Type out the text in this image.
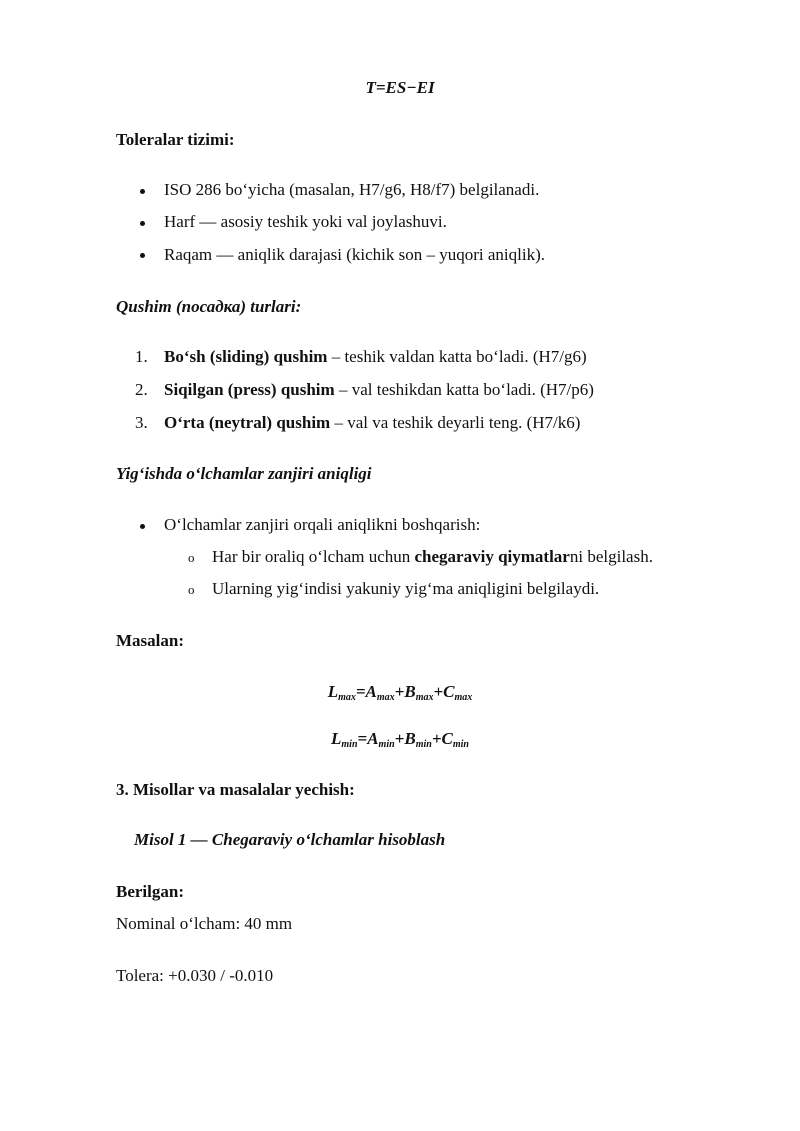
T=ES−EI
Toleralar tizimi:
ISO 286 bo‘yicha (masalan, H7/g6, H8/f7) belgilanadi.
Harf — asosiy teshik yoki val joylashuvi.
Raqam — aniqlik darajasi (kichik son – yuqori aniqlik).
Qushim (посадка) turlari:
1. Bo‘sh (sliding) qushim – teshik valdan katta bo‘ladi. (H7/g6)
2. Siqilgan (press) qushim – val teshikdan katta bo‘ladi. (H7/p6)
3. O‘rta (neytral) qushim – val va teshik deyarli teng. (H7/k6)
Yig‘ishda o‘lchamlar zanjiri aniqligi
O‘lchamlar zanjiri orqali aniqlikni boshqarish:
o Har bir oraliq o‘lcham uchun chegaraviy qiymatlarni belgilash.
o Ularning yig‘indisi yakuniy yig‘ma aniqligini belgilaydi.
Masalan:
$L_{max}=A_{max}+B_{max}+C_{max}$
$L_{min}=A_{min}+B_{min}+C_{min}$
3. Misollar va masalalar yechish:
Misol 1 — Chegaraviy o‘lchamlar hisoblash
Berilgan:
Nominal o‘lcham: 40 mm
Tolera: +0.030 / -0.010
